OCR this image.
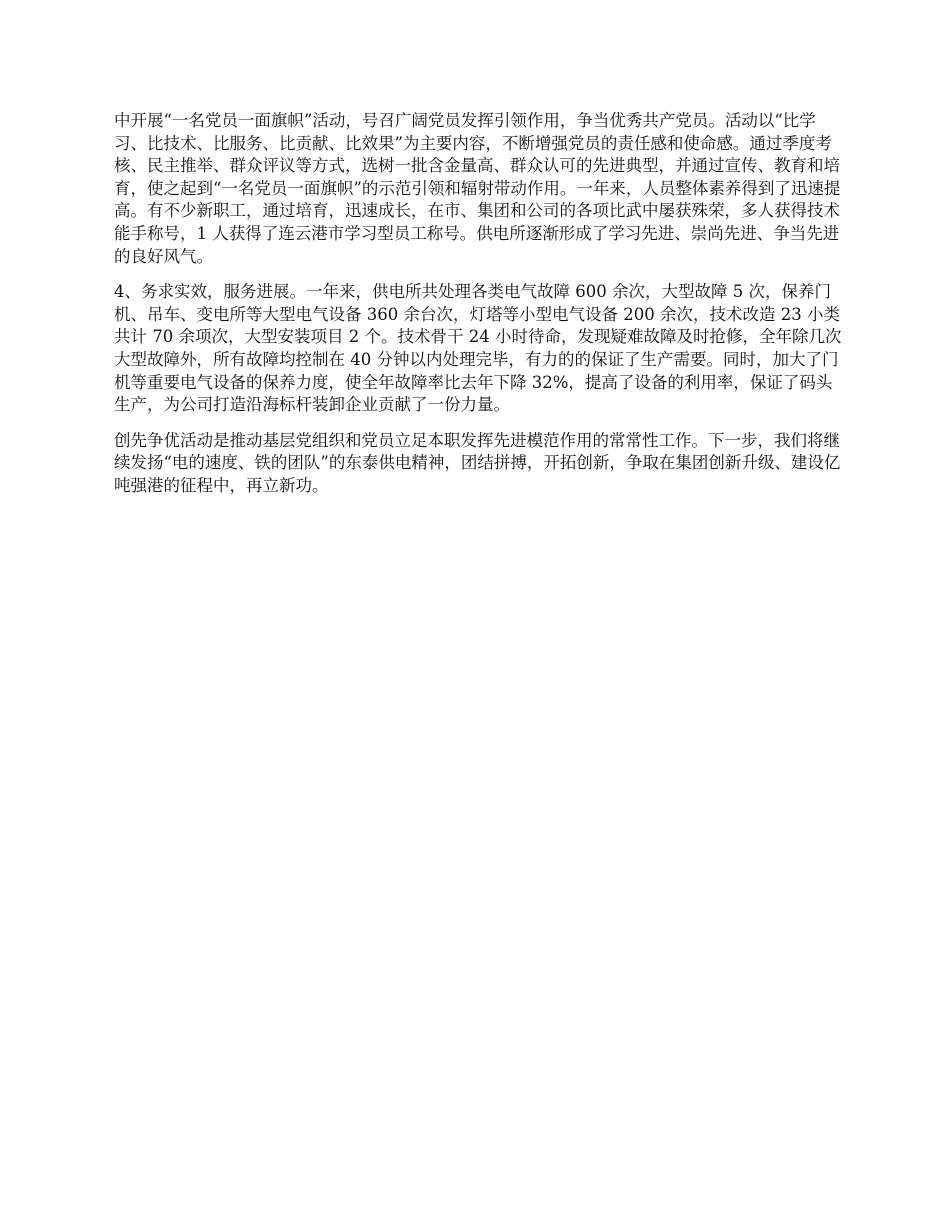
中开展“一名党员一面旗帜”活动，号召广阔党员发挥引领作用，争当优秀共产党员。活动以“比学习、比技术、比服务、比贡献、比效果”为主要内容，不断增强党员的责任感和使命感。通过季度考核、民主推举、群众评议等方式，选树一批含金量高、群众认可的先进典型，并通过宣传、教育和培育，使之起到“一名党员一面旗帜”的示范引领和辐射带动作用。一年来，人员整体素养得到了迅速提高。有不少新职工，通过培育，迅速成长，在市、集团和公司的各项比武中屡获殊荣，多人获得技术能手称号，1 人获得了连云港市学习型员工称号。供电所逐渐形成了学习先进、崇尚先进、争当先进的良好风气。

4、务求实效，服务进展。一年来，供电所共处理各类电气故障 600 余次，大型故障 5 次，保养门机、吊车、变电所等大型电气设备 360 余台次，灯塔等小型电气设备 200 余次，技术改造 23 小类共计 70 余项次，大型安装项目 2 个。技术骨干 24 小时待命，发现疑难故障及时抢修，全年除几次大型故障外，所有故障均控制在 40 分钟以内处理完毕，有力的的保证了生产需要。同时，加大了门机等重要电气设备的保养力度，使全年故障率比去年下降 32%，提高了设备的利用率，保证了码头生产，为公司打造沿海标杆装卸企业贡献了一份力量。

创先争优活动是推动基层党组织和党员立足本职发挥先进模范作用的常常性工作。下一步，我们将继续发扬“电的速度、铁的团队”的东泰供电精神，团结拼搏，开拓创新，争取在集团创新升级、建设亿吨强港的征程中，再立新功。
